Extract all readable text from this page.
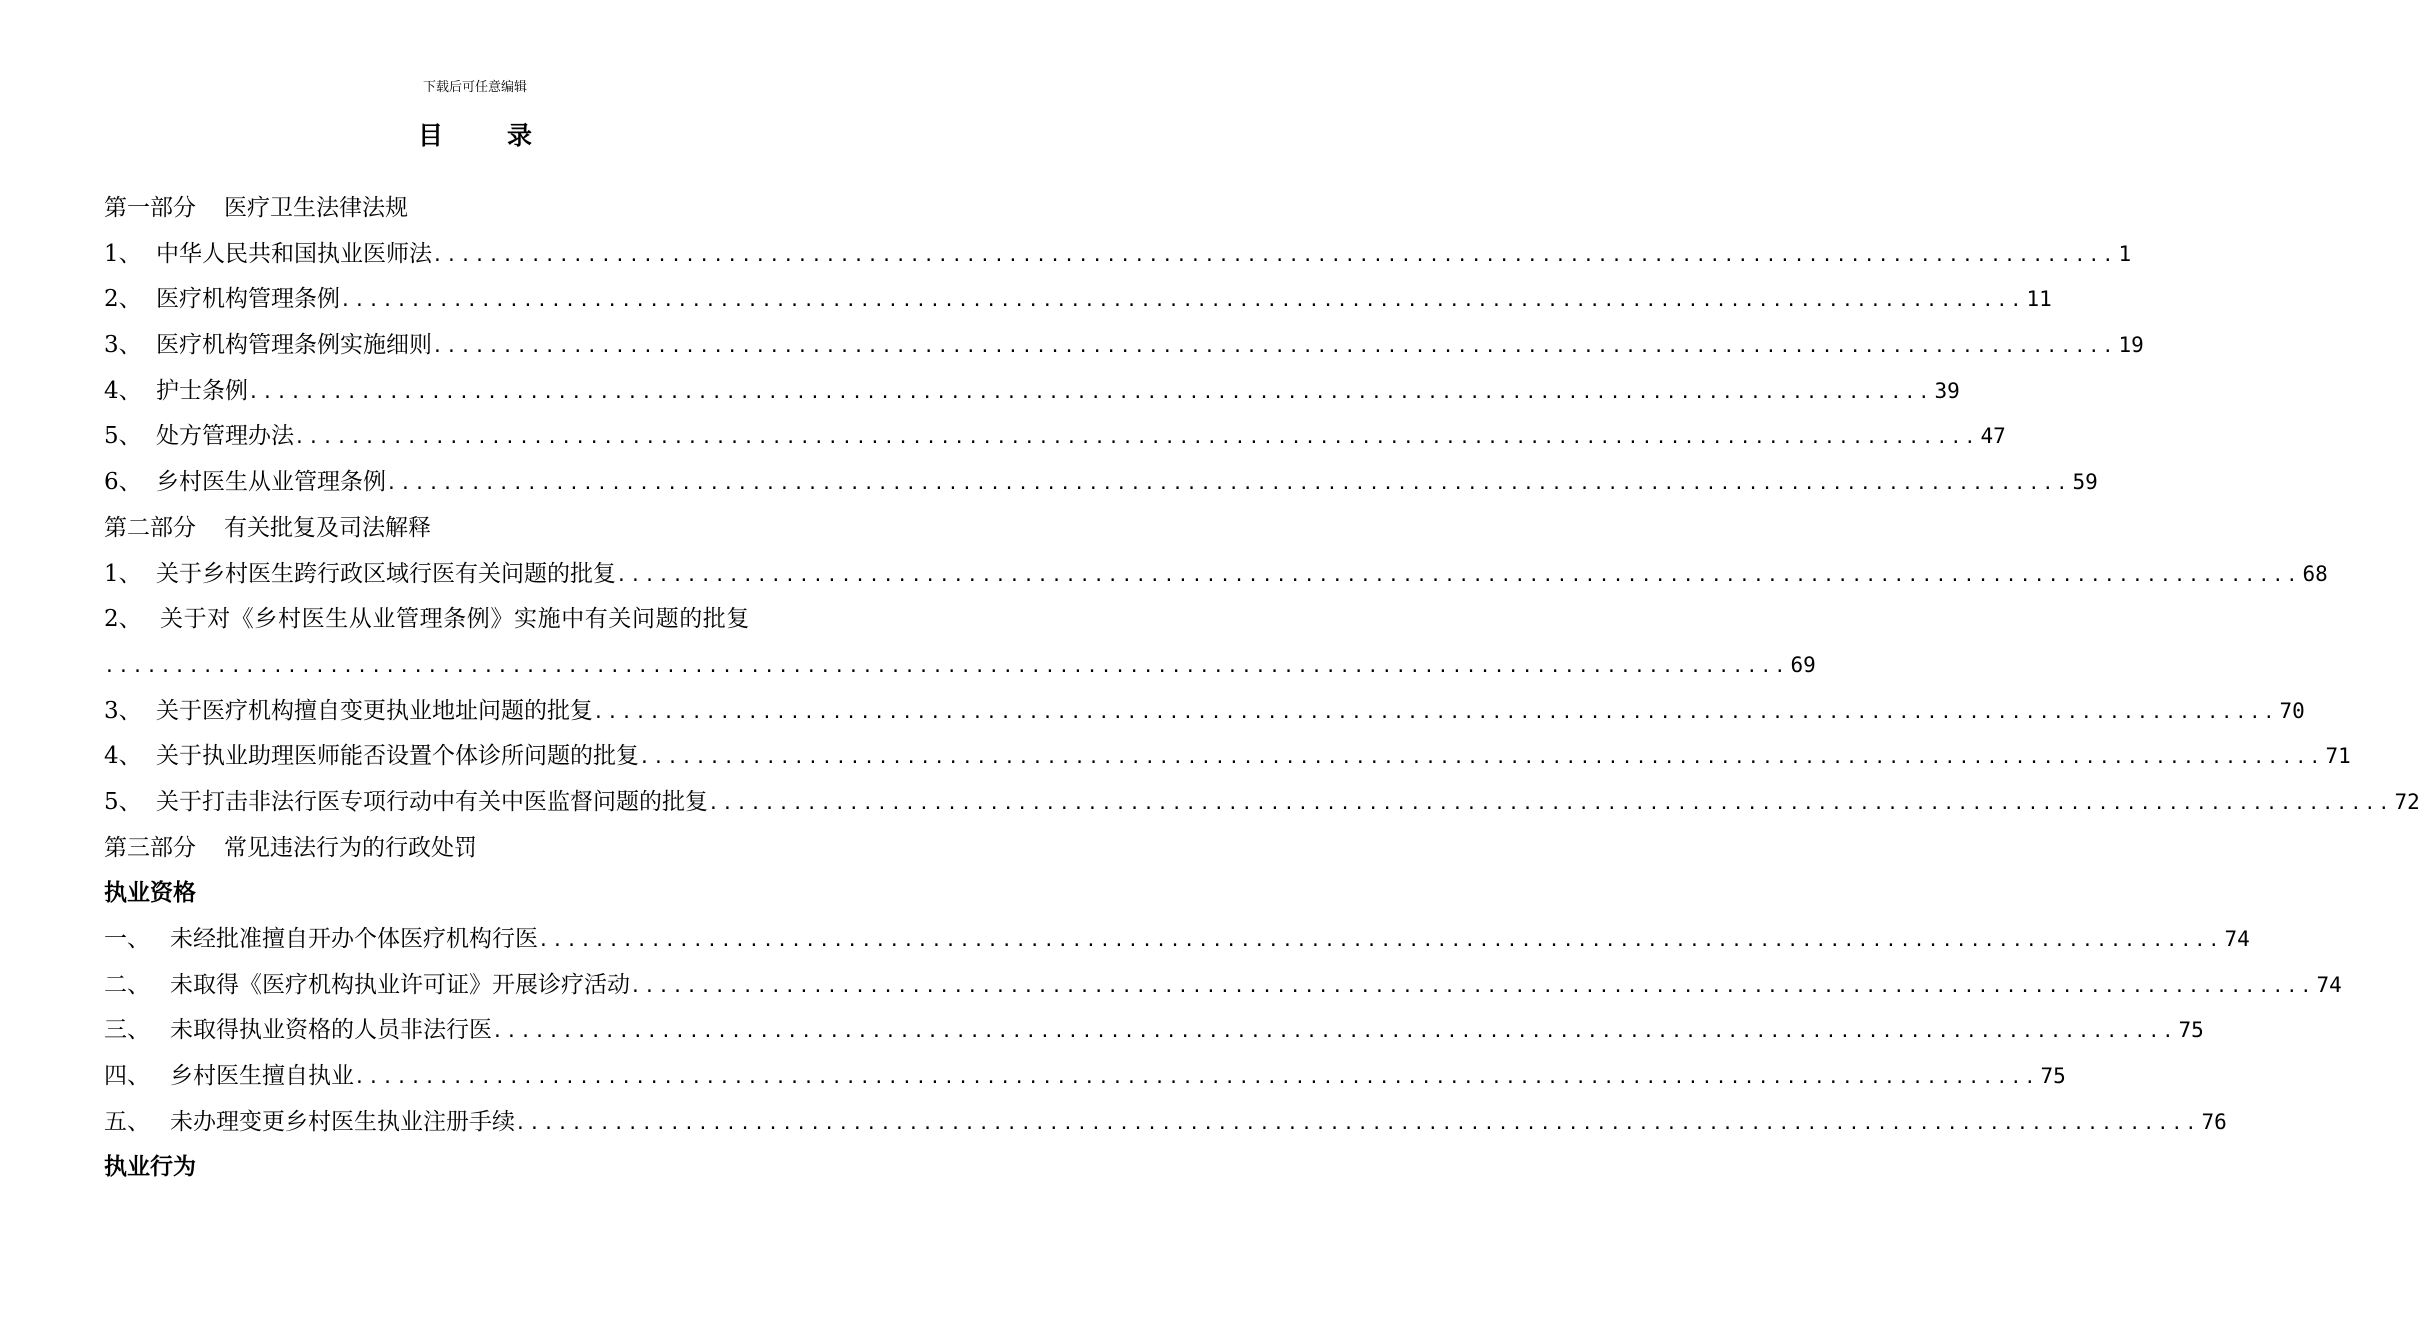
下载后可任意编辑
目	录
第一部分 医疗卫生法律法规
1、 中华人民共和国执业医师法 ........................................................................................................................ 1
2、 医疗机构管理条例 ........................................................................................................................ 11
3、 医疗机构管理条例实施细则 ........................................................................................................................ 19
4、 护士条例 ........................................................................................................................ 39
5、 处方管理办法 ........................................................................................................................ 47
6、 乡村医生从业管理条例 ........................................................................................................................ 59
第二部分 有关批复及司法解释
1、 关于乡村医生跨行政区域行医有关问题的批复 ........................................................................................................................ 68
2、 关于对《乡村医生从业管理条例》实施中有关问题的批复
........................................................................................................................ 69
3、 关于医疗机构擅自变更执业地址问题的批复 ........................................................................................................................ 70
4、 关于执业助理医师能否设置个体诊所问题的批复 ........................................................................................................................ 71
5、 关于打击非法行医专项行动中有关中医监督问题的批复 ........................................................................................................................ 72
第三部分 常见违法行为的行政处罚
执业资格
一、 未经批准擅自开办个体医疗机构行医 ........................................................................................................................ 74
二、 未取得《医疗机构执业许可证》开展诊疗活动 ........................................................................................................................ 74
三、 未取得执业资格的人员非法行医 ........................................................................................................................ 75
四、 乡村医生擅自执业 ........................................................................................................................ 75
五、 未办理变更乡村医生执业注册手续 ........................................................................................................................ 76
执业行为
